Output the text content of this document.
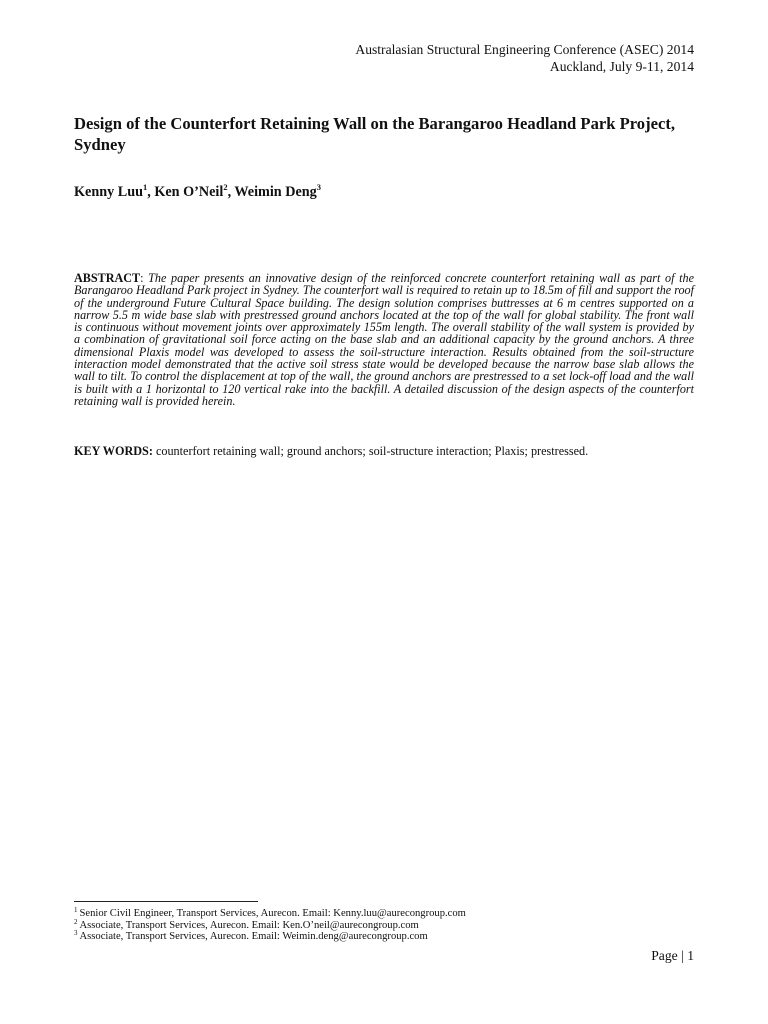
Australasian Structural Engineering Conference (ASEC) 2014
Auckland, July 9-11, 2014
Design of the Counterfort Retaining Wall on the Barangaroo Headland Park Project, Sydney
Kenny Luu$^1$, Ken O’Neil$^2$, Weimin Deng$^3$
ABSTRACT: The paper presents an innovative design of the reinforced concrete counterfort retaining wall as part of the Barangaroo Headland Park project in Sydney. The counterfort wall is required to retain up to 18.5m of fill and support the roof of the underground Future Cultural Space building. The design solution comprises buttresses at 6 m centres supported on a narrow 5.5 m wide base slab with prestressed ground anchors located at the top of the wall for global stability. The front wall is continuous without movement joints over approximately 155m length. The overall stability of the wall system is provided by a combination of gravitational soil force acting on the base slab and an additional capacity by the ground anchors. A three dimensional Plaxis model was developed to assess the soil-structure interaction. Results obtained from the soil-structure interaction model demonstrated that the active soil stress state would be developed because the narrow base slab allows the wall to tilt. To control the displacement at top of the wall, the ground anchors are prestressed to a set lock-off load and the wall is built with a 1 horizontal to 120 vertical rake into the backfill. A detailed discussion of the design aspects of the counterfort retaining wall is provided herein.
KEY WORDS: counterfort retaining wall; ground anchors; soil-structure interaction; Plaxis; prestressed.
$^1$ Senior Civil Engineer, Transport Services, Aurecon. Email: Kenny.luu@aurecongroup.com
$^2$ Associate, Transport Services, Aurecon. Email: Ken.O’neil@aurecongroup.com
$^3$ Associate, Transport Services, Aurecon. Email: Weimin.deng@aurecongroup.com
Page | 1
